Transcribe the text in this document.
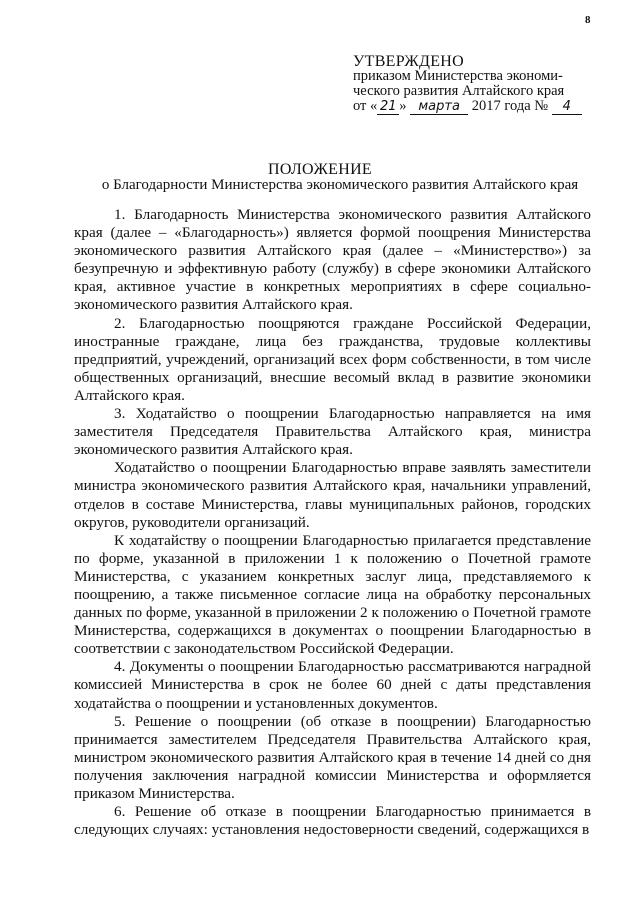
8
УТВЕРЖДЕНО
приказом Министерства экономи-
ческого развития Алтайского края
от « 21 » марта 2017 года № 4
ПОЛОЖЕНИЕ
о Благодарности Министерства экономического развития Алтайского края

1. Благодарность Министерства экономического развития Алтайского края (далее – «Благодарность») является формой поощрения Министерства экономического развития Алтайского края (далее – «Министерство») за безупречную и эффективную работу (службу) в сфере экономики Алтайского края, активное участие в конкретных мероприятиях в сфере социально-экономического развития Алтайского края.

2. Благодарностью поощряются граждане Российской Федерации, иностранные граждане, лица без гражданства, трудовые коллективы предприятий, учреждений, организаций всех форм собственности, в том числе общественных организаций, внесшие весомый вклад в развитие экономики Алтайского края.

3. Ходатайство о поощрении Благодарностью направляется на имя заместителя Председателя Правительства Алтайского края, министра экономического развития Алтайского края.

Ходатайство о поощрении Благодарностью вправе заявлять заместители министра экономического развития Алтайского края, начальники управлений, отделов в составе Министерства, главы муниципальных районов, городских округов, руководители организаций.

К ходатайству о поощрении Благодарностью прилагается представление по форме, указанной в приложении 1 к положению о Почетной грамоте Министерства, с указанием конкретных заслуг лица, представляемого к поощрению, а также письменное согласие лица на обработку персональных данных по форме, указанной в приложении 2 к положению о Почетной грамоте Министерства, содержащихся в документах о поощрении Благодарностью в соответствии с законодательством Российской Федерации.

4. Документы о поощрении Благодарностью рассматриваются наградной комиссией Министерства в срок не более 60 дней с даты представления ходатайства о поощрении и установленных документов.

5. Решение о поощрении (об отказе в поощрении) Благодарностью принимается заместителем Председателя Правительства Алтайского края, министром экономического развития Алтайского края в течение 14 дней со дня получения заключения наградной комиссии Министерства и оформляется приказом Министерства.

6. Решение об отказе в поощрении Благодарностью принимается в следующих случаях: установления недостоверности сведений, содержащихся в
